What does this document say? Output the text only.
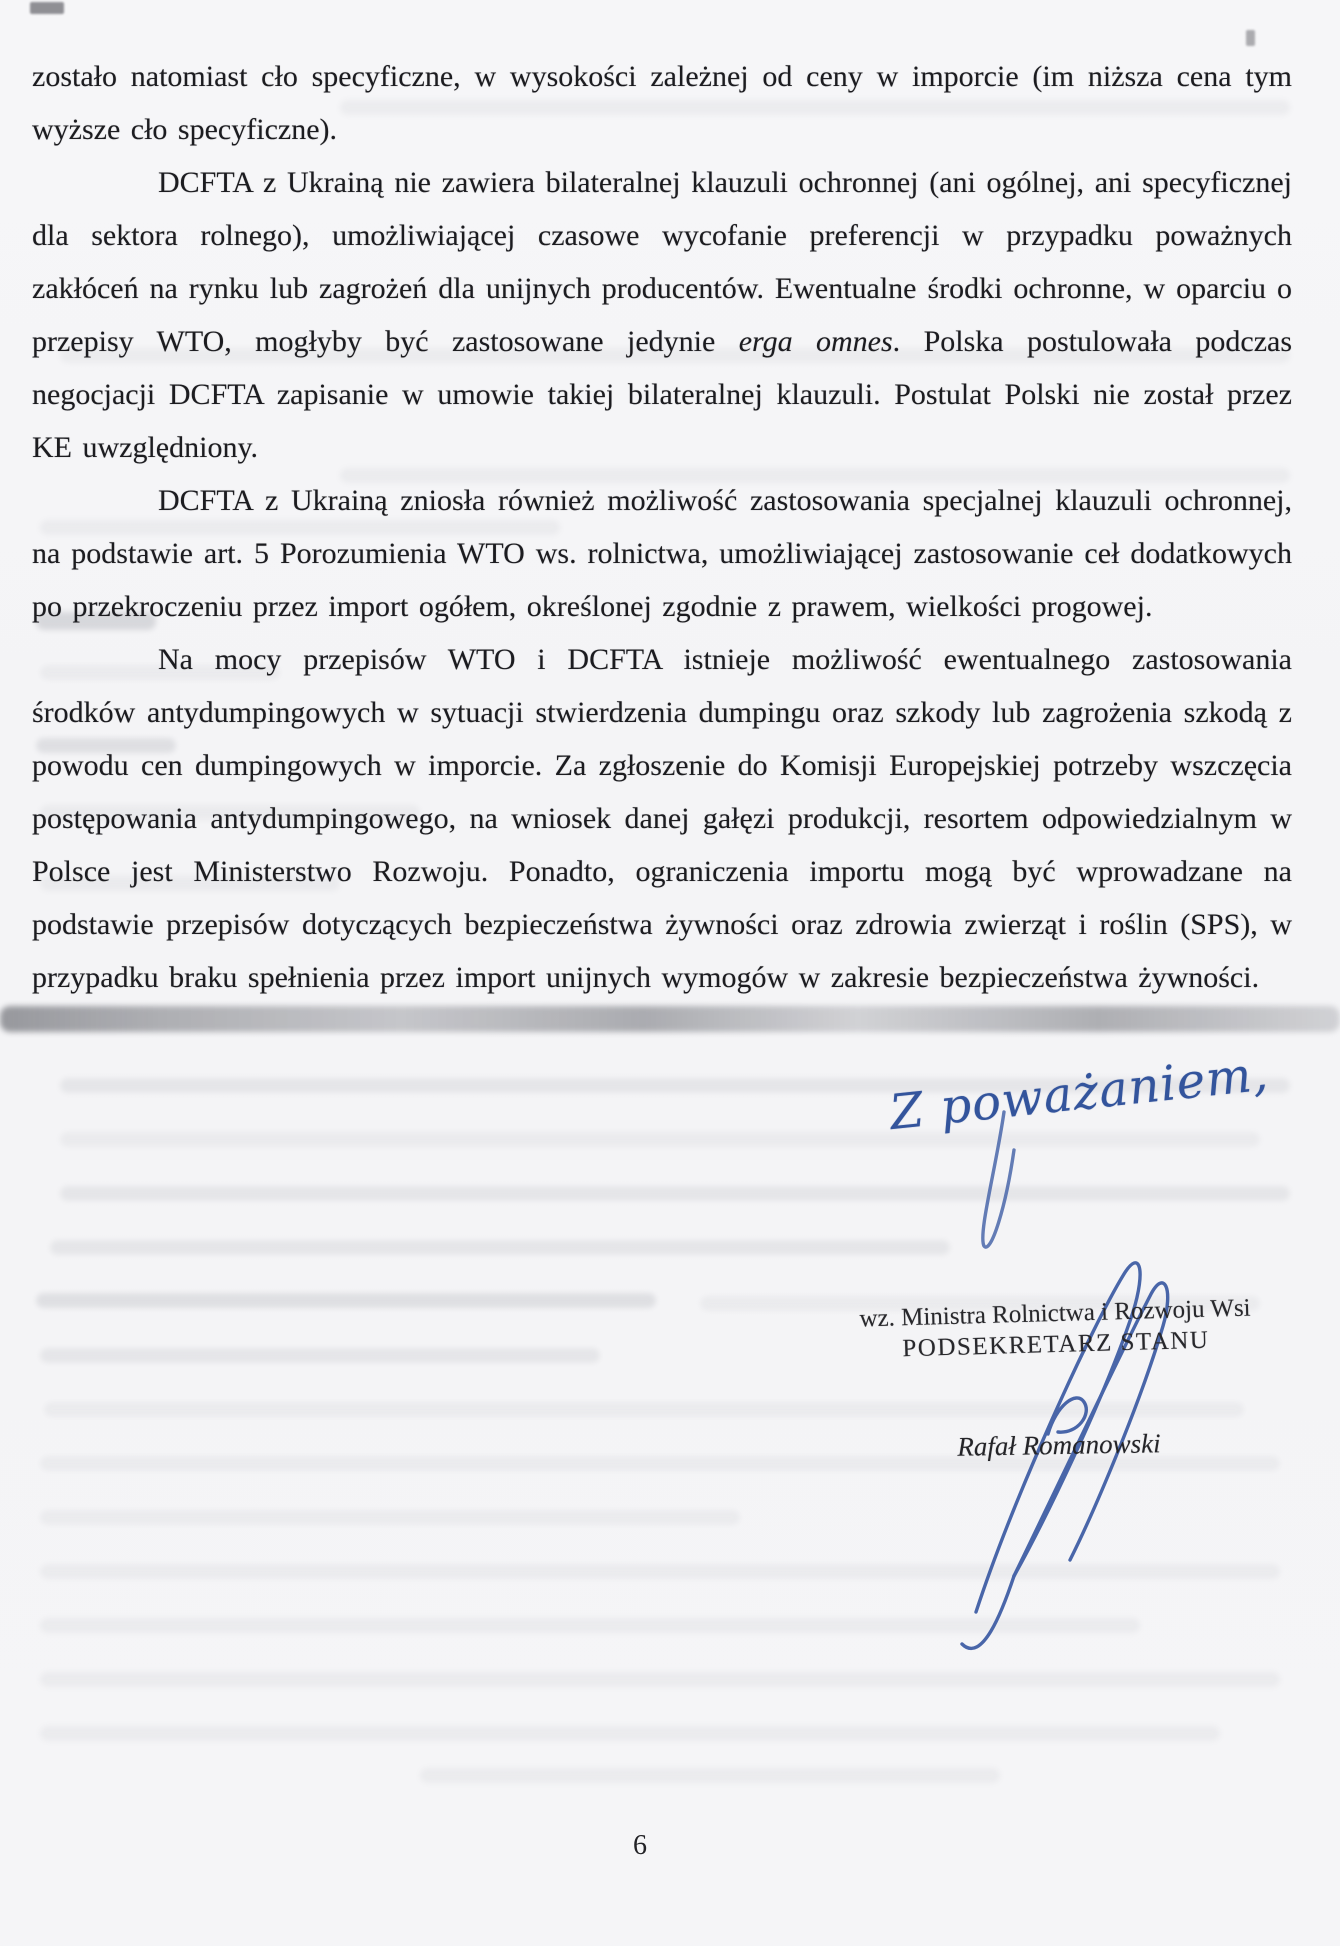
zostało natomiast cło specyficzne, w wysokości zależnej od ceny w imporcie (im niższa cena tym wyższe cło specyficzne).

DCFTA z Ukrainą nie zawiera bilateralnej klauzuli ochronnej (ani ogólnej, ani specyficznej dla sektora rolnego), umożliwiającej czasowe wycofanie preferencji w przypadku poważnych zakłóceń na rynku lub zagrożeń dla unijnych producentów. Ewentualne środki ochronne, w oparciu o przepisy WTO, mogłyby być zastosowane jedynie erga omnes. Polska postulowała podczas negocjacji DCFTA zapisanie w umowie takiej bilateralnej klauzuli. Postulat Polski nie został przez KE uwzględniony.

DCFTA z Ukrainą zniosła również możliwość zastosowania specjalnej klauzuli ochronnej, na podstawie art. 5 Porozumienia WTO ws. rolnictwa, umożliwiającej zastosowanie ceł dodatkowych po przekroczeniu przez import ogółem, określonej zgodnie z prawem, wielkości progowej.

Na mocy przepisów WTO i DCFTA istnieje możliwość ewentualnego zastosowania środków antydumpingowych w sytuacji stwierdzenia dumpingu oraz szkody lub zagrożenia szkodą z powodu cen dumpingowych w imporcie. Za zgłoszenie do Komisji Europejskiej potrzeby wszczęcia postępowania antydumpingowego, na wniosek danej gałęzi produkcji, resortem odpowiedzialnym w Polsce jest Ministerstwo Rozwoju. Ponadto, ograniczenia importu mogą być wprowadzane na podstawie przepisów dotyczących bezpieczeństwa żywności oraz zdrowia zwierząt i roślin (SPS), w przypadku braku spełnienia przez import unijnych wymogów w zakresie bezpieczeństwa żywności.

Z poważaniem,
wz. Ministra Rolnictwa i Rozwoju Wsi
PODSEKRETARZ STANU
Rafał Romanowski
6
